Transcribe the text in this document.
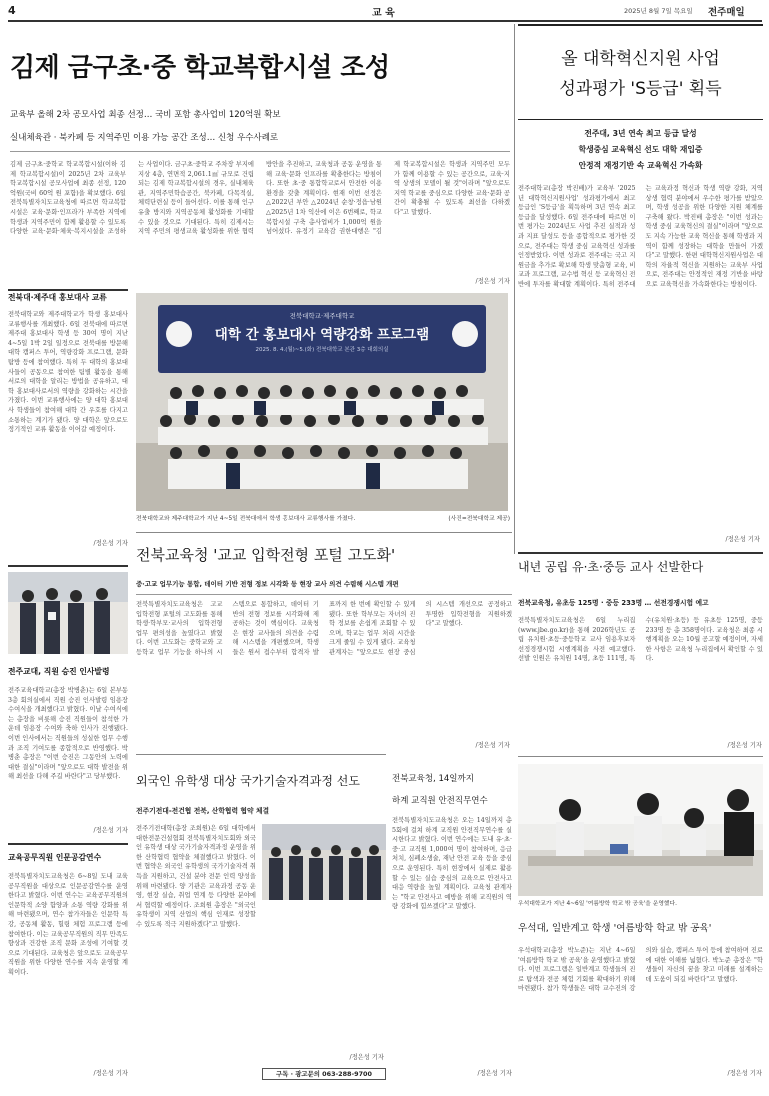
4	교 육	2025년 8월 7일 목요일 전주매일
김제 금구초·중 학교복합시설 조성
교육부 올해 2차 공모사업 최종 선정… 국비 포함 총사업비 120억원 확보
실내체육관 · 북카페 등 지역주민 이용 가능 공간 조성… 신청 우수사례로
김제 금구초·중학교 학교복합시설(이하 김제 학교복합시설)이 2025년 2차 교육부 학교복합시설 공모사업에 최종 선정, 120억원(국비 60억 원 포함)을 확보했다. 6일 전북특별자치도교육청에 따르면 학교복합시설은 교육·문화·인프라가 부족한 지역에 학생과 지역주민이 함께 활용할 수 있도록 다양한 교육·문화·체육·복지시설을 조성하는 사업이다. 금구초·중학교 주차장 부지에 지상 4층, 연면적 2,061.1㎡ 규모로 건립되는 김제 학교복합시설의 경우, 실내체육관, 지역주민학습공간, 북카페, 다목적실, 체력단련실 등이 들어선다. 이를 통해 인구 유출 방지와 지역공동체 활성화를 기대할 수 있을 것으로 기대된다. 특히 김제시는 지역 주민의 평생교육 활성화를 위한 협력 방안을 추진하고, 교육청과 공동 운영을 통해 교육·문화 인프라를 확충한다는 방침이다. 또한 초·중 통합학교로서 안전한 이용 환경을 갖출 계획이다. 현재 이번 선정은 △2022년 부안 △2024년 순창·정읍·남원 △2025년 1차 익산에 이은 6번째로, 학교복합시설 구축 총사업비가 1,000억 원을 넘어섰다. 유정기 교육감 권한대행은 "김제 학교복합시설은 학생과 지역주민 모두가 함께 이용할 수 있는 공간으로, 교육·지역 상생의 모델이 될 것"이라며 "앞으로도 지역 학교를 중심으로 다양한 교육·문화 공간이 확충될 수 있도록 최선을 다하겠다"고 말했다.
/정은성 기자
올 대학혁신지원 사업
성과평가 'S등급' 획득
전주대, 3년 연속 최고 등급 달성
학생중심 교육혁신 선도 대학 재입증
안정적 재정기반 속 교육혁신 가속화
전주대학교(총장 박진배)가 교육부 '2025년 대학혁신지원사업' 성과평가에서 최고 등급인 'S등급'을 획득하며 3년 연속 최고 등급을 달성했다. 6일 전주대에 따르면 이번 평가는 2024년도 사업 추진 실적과 성과 지표 달성도 등을 종합적으로 평가한 것으로, 전주대는 학생 중심 교육혁신 성과를 인정받았다. 이번 성과로 전주대는 국고 지원금을 추가로 확보해 학생 맞춤형 교육, 비교과 프로그램, 교수법 혁신 등 교육혁신 전반에 투자를 확대할 계획이다. 특히 전주대는 교육과정 혁신과 학생 역량 강화, 지역 상생 협력 분야에서 우수한 평가를 받았으며, 학생 성공을 위한 다양한 지원 체계를 구축해 왔다. 박진배 총장은 "이번 성과는 학생 중심 교육혁신의 결실"이라며 "앞으로도 지속 가능한 교육 혁신을 통해 학생과 지역이 함께 성장하는 대학을 만들어 가겠다"고 말했다. 한편 대학혁신지원사업은 대학의 자율적 혁신을 지원하는 교육부 사업으로, 전주대는 안정적인 재정 기반을 바탕으로 교육혁신을 가속화한다는 방침이다.
/정은성 기자
전북대·제주대 홍보대사 교류
전북대학교와 제주대학교가 학생 홍보대사 교류행사를 개최했다. 6일 전북대에 따르면 제주대 홍보대사 학생 등 30여 명이 지난 4~5일 1박 2일 일정으로 전북대를 방문해 대학 캠퍼스 투어, 역량강화 프로그램, 문화 탐방 등에 참여했다. 특히 두 대학의 홍보대사들이 공동으로 참여한 팀별 활동을 통해 서로의 대학을 알리는 방법을 공유하고, 대학 홍보대사로서의 역량을 강화하는 시간을 가졌다. 이번 교류행사에는 양 대학 홍보대사 학생들이 참여해 대학 간 우호를 다지고 소통하는 계기가 됐다. 양 대학은 앞으로도 정기적인 교류 활동을 이어갈 예정이다.
/정은성 기자
전북대학교·제주대학교
대학 간 홍보대사 역량강화 프로그램
2025. 8. 4.(월)~5.(화) 전북대학교 본관 3층 대회의실
전북대학교와 제주대학교가 지난 4~5일 전북대에서 학생 홍보대사 교류행사를 가졌다.	(사진=전북대학교 제공)
전북교육청 '교교 입학전형 포털 고도화'
중·고교 업무기능 통합, 데이터 기반 전형 정보 시각화 등 현장 교사 의견 수렴해 시스템 개편
전북특별자치도교육청은 고교입학전형 포털의 고도화를 통해 학생·학부모·교사의 입학전형 업무 편의성을 높였다고 밝혔다. 이번 고도화는 중학교와 고등학교 업무 기능을 하나의 시스템으로 통합하고, 데이터 기반의 전형 정보를 시각화해 제공하는 것이 핵심이다. 교육청은 현장 교사들의 의견을 수렴해 시스템을 개편했으며, 학생들은 원서 접수부터 합격자 발표까지 한 번에 확인할 수 있게 됐다. 또한 학부모는 자녀의 진학 정보를 손쉽게 조회할 수 있으며, 학교는 업무 처리 시간을 크게 줄일 수 있게 됐다. 교육청 관계자는 "앞으로도 현장 중심의 시스템 개선으로 공정하고 투명한 입학전형을 지원하겠다"고 말했다.
/정은성 기자
전주교대, 직원 승진 인사발령
전주교육대학교(총장 박병춘)는 6일 본부동 3층 회의실에서 직원 승진 인사발령 임용장 수여식을 개최했다고 밝혔다. 이날 수여식에는 총장을 비롯해 승진 직원들이 참석한 가운데 임용장 수여와 축하 인사가 진행됐다. 이번 인사에서는 직원들의 성실한 업무 수행과 조직 기여도를 종합적으로 반영했다. 박병춘 총장은 "이번 승진은 그동안의 노력에 대한 결실"이라며 "앞으로도 대학 발전을 위해 최선을 다해 주길 바란다"고 당부했다.
/정은성 기자
교육공무직원 인문공감연수
전북특별자치도교육청은 6~8일 도내 교육공무직원을 대상으로 인문공감연수를 운영한다고 밝혔다. 이번 연수는 교육공무직원의 인문학적 소양 함양과 소통 역량 강화를 위해 마련됐으며, 연수 참가자들은 인문학 특강, 공동체 활동, 힐링 체험 프로그램 등에 참여한다. 이는 교육공무직원의 직무 만족도 향상과 건강한 조직 문화 조성에 기여할 것으로 기대된다. 교육청은 앞으로도 교육공무직원을 위한 다양한 연수를 지속 운영할 계획이다.
/정은성 기자
외국인 유학생 대상 국가기술자격과정 선도
전주기전대-전건협 전북, 산학협력 협약 체결
전주기전대학(총장 조희원)은 6일 대학에서 대한전문건설협회 전북특별자치도회와 외국인 유학생 대상 국가기술자격과정 운영을 위한 산학협력 협약을 체결했다고 밝혔다. 이번 협약은 외국인 유학생의 국가기술자격 취득을 지원하고, 건설 분야 전문 인력 양성을 위해 마련됐다. 양 기관은 교육과정 공동 운영, 현장 실습, 취업 연계 등 다양한 분야에서 협력할 예정이다. 조희원 총장은 "외국인 유학생이 지역 산업의 핵심 인재로 성장할 수 있도록 적극 지원하겠다"고 말했다.
/정은성 기자
구독 · 광고문의 063-288-9700
전북교육청, 14일까지
하계 교직원 안전직무연수
전북특별자치도교육청은 오는 14일까지 총 5회에 걸쳐 하계 교직원 안전직무연수를 실시한다고 밝혔다. 이번 연수에는 도내 유·초·중·고 교직원 1,000여 명이 참여하며, 응급처치, 심폐소생술, 재난 안전 교육 등을 중심으로 운영된다. 특히 현장에서 실제로 활용할 수 있는 실습 중심의 교육으로 안전사고 대응 역량을 높일 계획이다. 교육청 관계자는 "학교 안전사고 예방을 위해 교직원의 역량 강화에 힘쓰겠다"고 말했다.
/정은성 기자
내년 공립 유·초·중등 교사 선발한다
전북교육청, 유초등 125명 · 중등 233명 … 선전경쟁시험 예고
전북특별자치도교육청은 6일 누리집(www.jbe.go.kr)을 통해 2026학년도 공립 유치원·초등·중등학교 교사 임용후보자 선정경쟁시험 시행계획을 사전 예고했다. 선발 인원은 유치원 14명, 초등 111명, 특수(유치원·초등) 등 유초등 125명, 중등 233명 등 총 358명이다. 교육청은 최종 시행계획을 오는 10월 공고할 예정이며, 자세한 사항은 교육청 누리집에서 확인할 수 있다.
/정은성 기자
우석대학교가 지난 4~6일 '여름방학 학교 밖 공육'을 운영했다.
우석대, 일반계고 학생 '여름방학 학교 밖 공육'
우석대학교(총장 박노준)는 지난 4~6일 '여름방학 학교 밖 공육'을 운영했다고 밝혔다. 이번 프로그램은 일반계고 학생들의 진로 탐색과 전공 체험 기회를 확대하기 위해 마련됐다. 참가 학생들은 대학 교수진의 강의와 실습, 캠퍼스 투어 등에 참여하며 진로에 대한 이해를 넓혔다. 박노준 총장은 "학생들이 자신의 꿈을 찾고 미래를 설계하는 데 도움이 되길 바란다"고 말했다.
/정은성 기자
